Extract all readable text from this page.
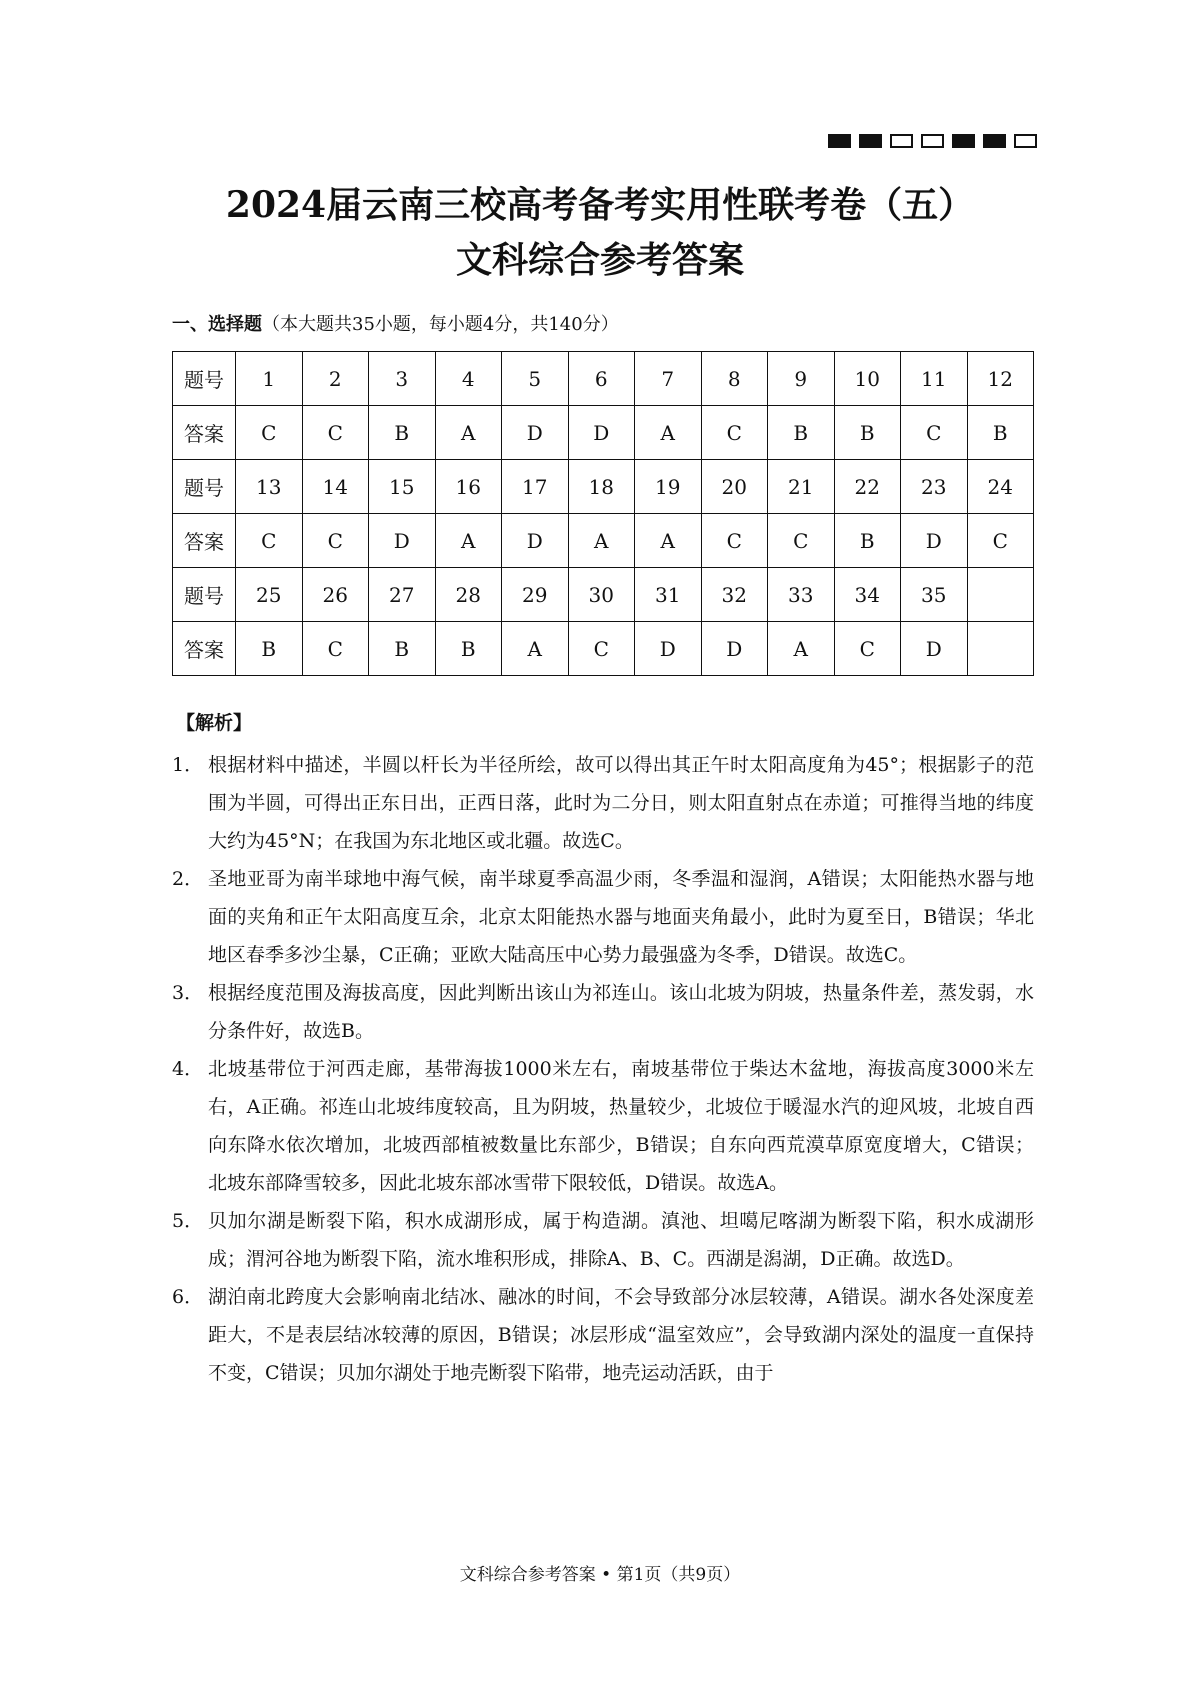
2024届云南三校高考备考实用性联考卷（五）
文科综合参考答案
一、选择题（本大题共35小题，每小题4分，共140分）
题号	1	2	3	4	5	6	7	8	9	10	11	12
答案	C	C	B	A	D	D	A	C	B	B	C	B
题号	13	14	15	16	17	18	19	20	21	22	23	24
答案	C	C	D	A	D	A	A	C	C	B	D	C
题号	25	26	27	28	29	30	31	32	33	34	35	
答案	B	C	B	B	A	C	D	D	A	C	D	
【解析】
1． 根据材料中描述，半圆以杆长为半径所绘，故可以得出其正午时太阳高度角为45°；根据影子的范围为半圆，可得出正东日出，正西日落，此时为二分日，则太阳直射点在赤道；可推得当地的纬度大约为45°N；在我国为东北地区或北疆。故选C。
2． 圣地亚哥为南半球地中海气候，南半球夏季高温少雨，冬季温和湿润，A错误；太阳能热水器与地面的夹角和正午太阳高度互余，北京太阳能热水器与地面夹角最小，此时为夏至日，B错误；华北地区春季多沙尘暴，C正确；亚欧大陆高压中心势力最强盛为冬季，D错误。故选C。
3． 根据经度范围及海拔高度，因此判断出该山为祁连山。该山北坡为阴坡，热量条件差，蒸发弱，水分条件好，故选B。
4． 北坡基带位于河西走廊，基带海拔1000米左右，南坡基带位于柴达木盆地，海拔高度3000米左右，A正确。祁连山北坡纬度较高，且为阴坡，热量较少，北坡位于暖湿水汽的迎风坡，北坡自西向东降水依次增加，北坡西部植被数量比东部少，B错误；自东向西荒漠草原宽度增大，C错误；北坡东部降雪较多，因此北坡东部冰雪带下限较低，D错误。故选A。
5． 贝加尔湖是断裂下陷，积水成湖形成，属于构造湖。滇池、坦噶尼喀湖为断裂下陷，积水成湖形成；渭河谷地为断裂下陷，流水堆积形成，排除A、B、C。西湖是潟湖，D正确。故选D。
6． 湖泊南北跨度大会影响南北结冰、融冰的时间，不会导致部分冰层较薄，A错误。湖水各处深度差距大，不是表层结冰较薄的原因，B错误；冰层形成“温室效应”，会导致湖内深处的温度一直保持不变，C错误；贝加尔湖处于地壳断裂下陷带，地壳运动活跃，由于
文科综合参考答案 • 第1页（共9页）
